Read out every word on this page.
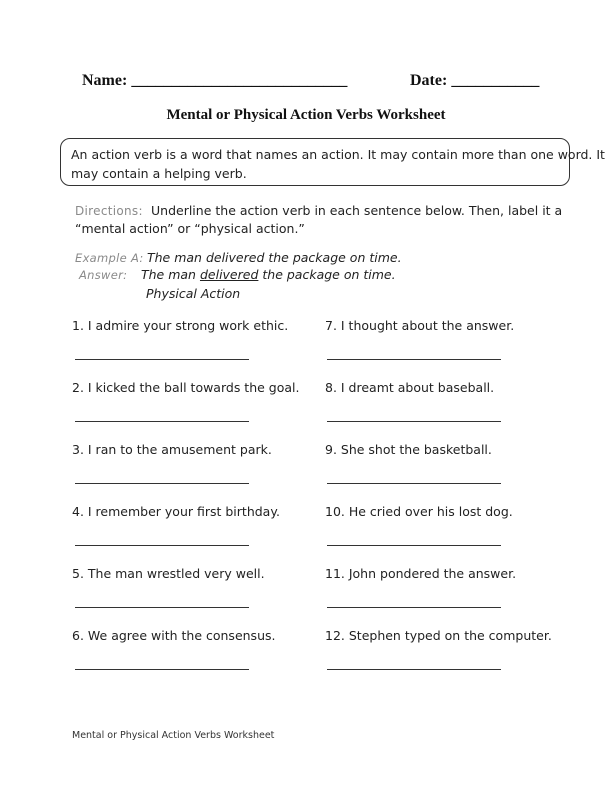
Name: ___________________________	Date: ___________
Mental or Physical Action Verbs Worksheet
An action verb is a word that names an action. It may contain more than one word. It
may contain a helping verb.
Directions: Underline the action verb in each sentence below. Then, label it a
“mental action” or “physical action.”
Example A: The man delivered the package on time.
Answer: The man delivered the package on time.
Physical Action
1. I admire your strong work ethic.
2. I kicked the ball towards the goal.
3. I ran to the amusement park.
4. I remember your first birthday.
5. The man wrestled very well.
6. We agree with the consensus.
7. I thought about the answer.
8. I dreamt about baseball.
9. She shot the basketball.
10. He cried over his lost dog.
11. John pondered the answer.
12. Stephen typed on the computer.
Mental or Physical Action Verbs Worksheet
